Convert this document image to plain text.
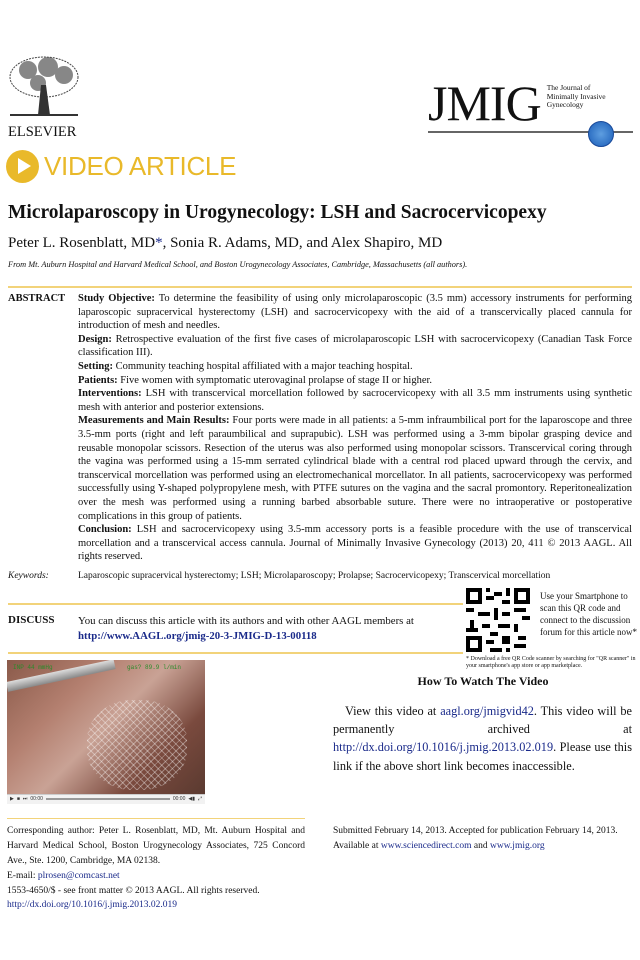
ELSEVIER
JMIG The Journal of
Minimally Invasive
Gynecology
VIDEO ARTICLE
Microlaparoscopy in Urogynecology: LSH and Sacrocervicopexy
Peter L. Rosenblatt, MD*, Sonia R. Adams, MD, and Alex Shapiro, MD
From Mt. Auburn Hospital and Harvard Medical School, and Boston Urogynecology Associates, Cambridge, Massachusetts (all authors).
ABSTRACT	Study Objective: To determine the feasibility of using only microlaparoscopic (3.5 mm) accessory instruments for performing laparoscopic supracervical hysterectomy (LSH) and sacrocervicopexy with the aid of a transcervically placed cannula for introduction of mesh and needles.

Design: Retrospective evaluation of the first five cases of microlaparoscopic LSH with sacrocervicopexy (Canadian Task Force classification III).

Setting: Community teaching hospital affiliated with a major teaching hospital.

Patients: Five women with symptomatic uterovaginal prolapse of stage II or higher.

Interventions: LSH with transcervical morcellation followed by sacrocervicopexy with all 3.5 mm instruments using synthetic mesh with anterior and posterior extensions.

Measurements and Main Results: Four ports were made in all patients: a 5-mm infraumbilical port for the laparoscope and three 3.5-mm ports (right and left paraumbilical and suprapubic). LSH was performed using a 3-mm bipolar grasping device and reusable monopolar scissors. Resection of the uterus was also performed using monopolar scissors. Transcervical coring through the vagina was performed using a 15-mm serrated cylindrical blade with a central rod placed upward through the cervix, and transcervical morcellation was performed using an electromechanical morcellator. In all patients, sacrocervicopexy was performed successfully using Y-shaped polypropylene mesh, with PTFE sutures on the vagina and the sacral promontory. Reperitonealization over the mesh was performed using a running barbed absorbable suture. There were no intraoperative or postoperative complications in this group of patients.

Conclusion: LSH and sacrocervicopexy using 3.5-mm accessory ports is a feasible procedure with the use of transcervical morcellation and a transcervical access cannula. Journal of Minimally Invasive Gynecology (2013) 20, 411 © 2013 AAGL. All rights reserved.

Keywords:	Laparoscopic supracervical hysterectomy; LSH; Microlaparoscopy; Prolapse; Sacrocervicopexy; Transcervical morcellation
DISCUSS You can discuss this article with its authors and with other AAGL members at
http://www.AAGL.org/jmig-20-3-JMIG-D-13-00118
Use your Smartphone to scan this QR code and connect to the discussion forum for this article now*
* Download a free QR Code scanner by searching for "QR scanner" in your smartphone's app store or app marketplace.
INP 44 mmHg	gas? 89.9 l/min
▶ ■ ⏭ 00:00	00:00 ◀▮ ⤢
How To Watch The Video
View this video at aagl.org/jmigvid42. This video will be permanently archived at http://dx.doi.org/10.1016/j.jmig.2013.02.019. Please use this link if the above short link becomes inaccessible.
Corresponding author: Peter L. Rosenblatt, MD, Mt. Auburn Hospital and Harvard Medical School, Boston Urogynecology Associates, 725 Concord Ave., Ste. 1200, Cambridge, MA 02138.
E-mail: plrosen@comcast.net
Submitted February 14, 2013. Accepted for publication February 14, 2013.
Available at www.sciencedirect.com and www.jmig.org
1553-4650/$ - see front matter © 2013 AAGL. All rights reserved.
http://dx.doi.org/10.1016/j.jmig.2013.02.019
